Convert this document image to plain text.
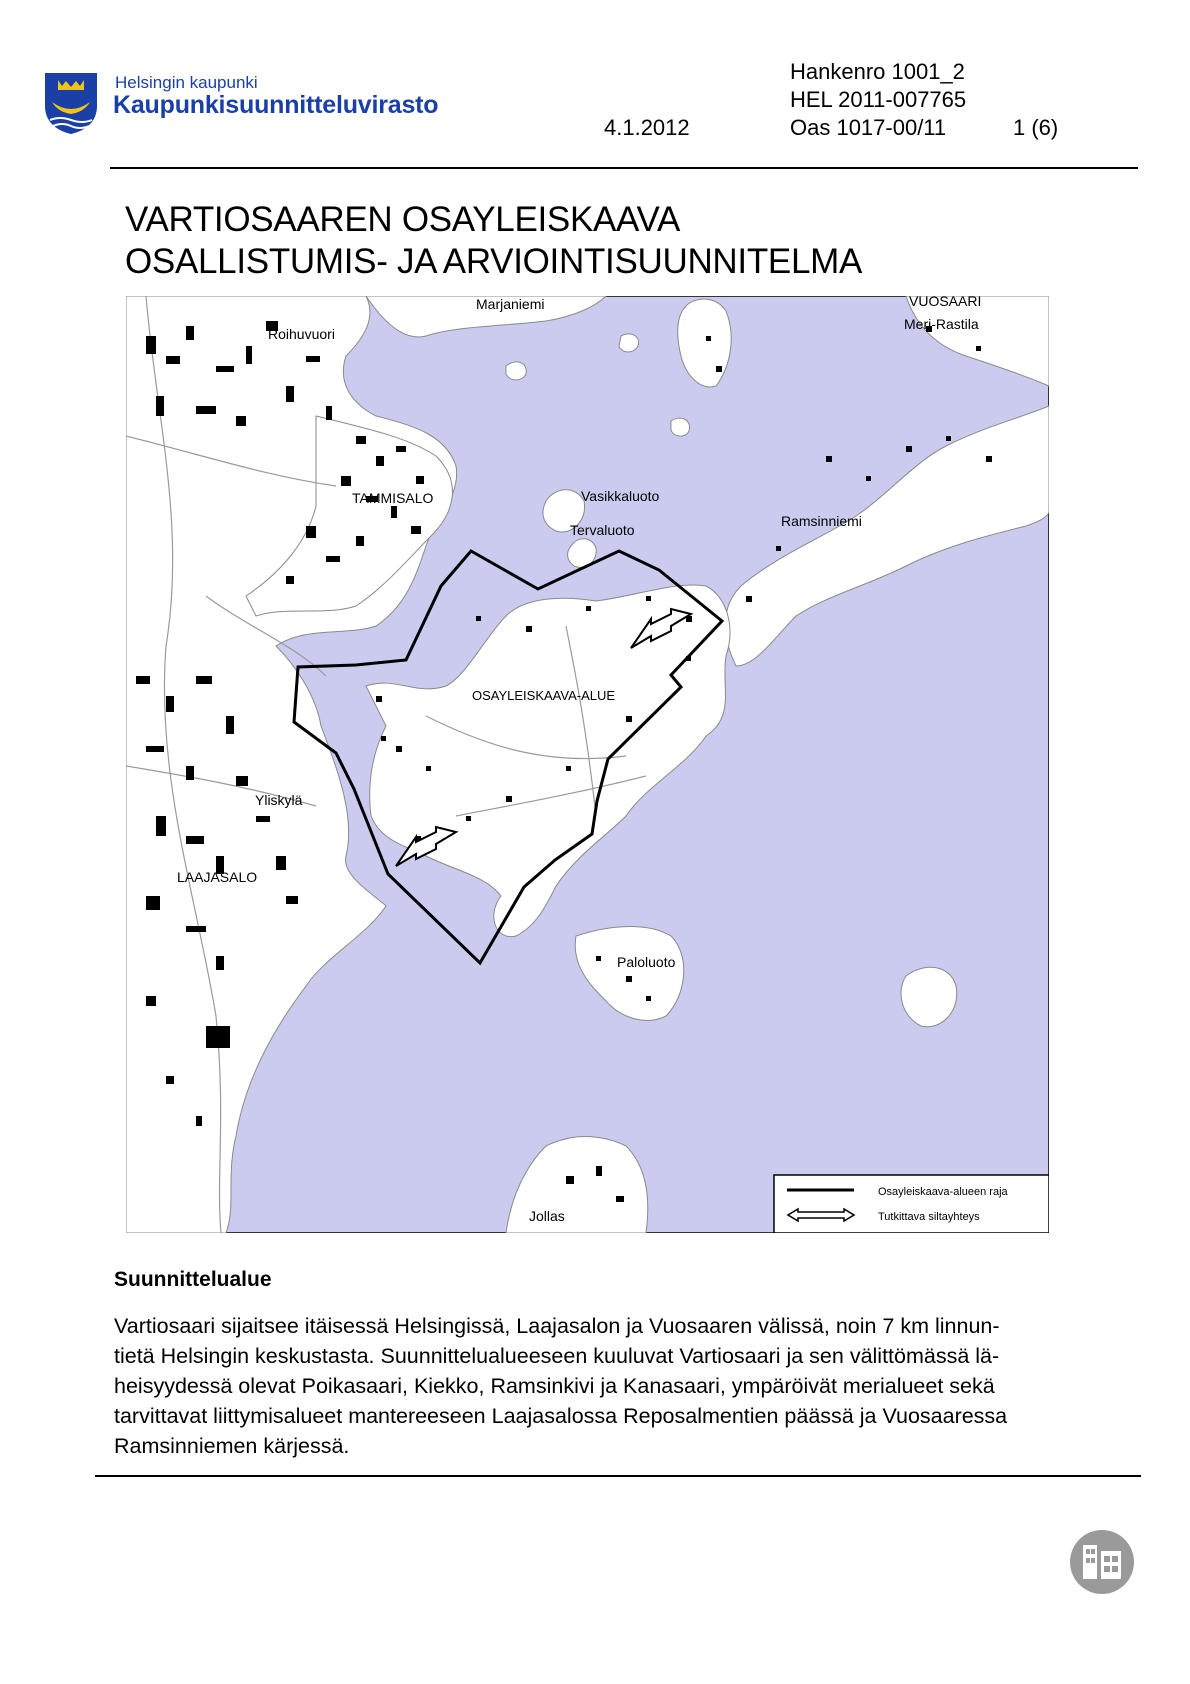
Helsingin kaupunki
Kaupunkisuunnitteluvirasto
Hankenro 1001_2
HEL 2011-007765
4.1.2012	Oas 1017-00/11	1 (6)
VARTIOSAAREN OSAYLEISKAAVA
OSALLISTUMIS- JA ARVIOINTISUUNNITELMA
Marjaniemi
Roihuvuori
VUOSAARI
Meri-Rastila
TAMMISALO	Vasikkaluoto
Tervaluoto
Ramsinniemi
OSAYLEISKAAVA-ALUE
Yliskylä
LAAJASALO
Paloluoto
Jollas
Osayleiskaava-alueen raja
Tutkittava siltayhteys
Suunnittelualue
Vartiosaari sijaitsee itäisessä Helsingissä, Laajasalon ja Vuosaaren välissä, noin 7 km linnun-
tietä Helsingin keskustasta. Suunnittelualueeseen kuuluvat Vartiosaari ja sen välittömässä lä-
heisyydessä olevat Poikasaari, Kiekko, Ramsinkivi ja Kanasaari, ympäröivät merialueet sekä
tarvittavat liittymisalueet mantereeseen Laajasalossa Reposalmentien päässä ja Vuosaaressa
Ramsinniemen kärjessä.
